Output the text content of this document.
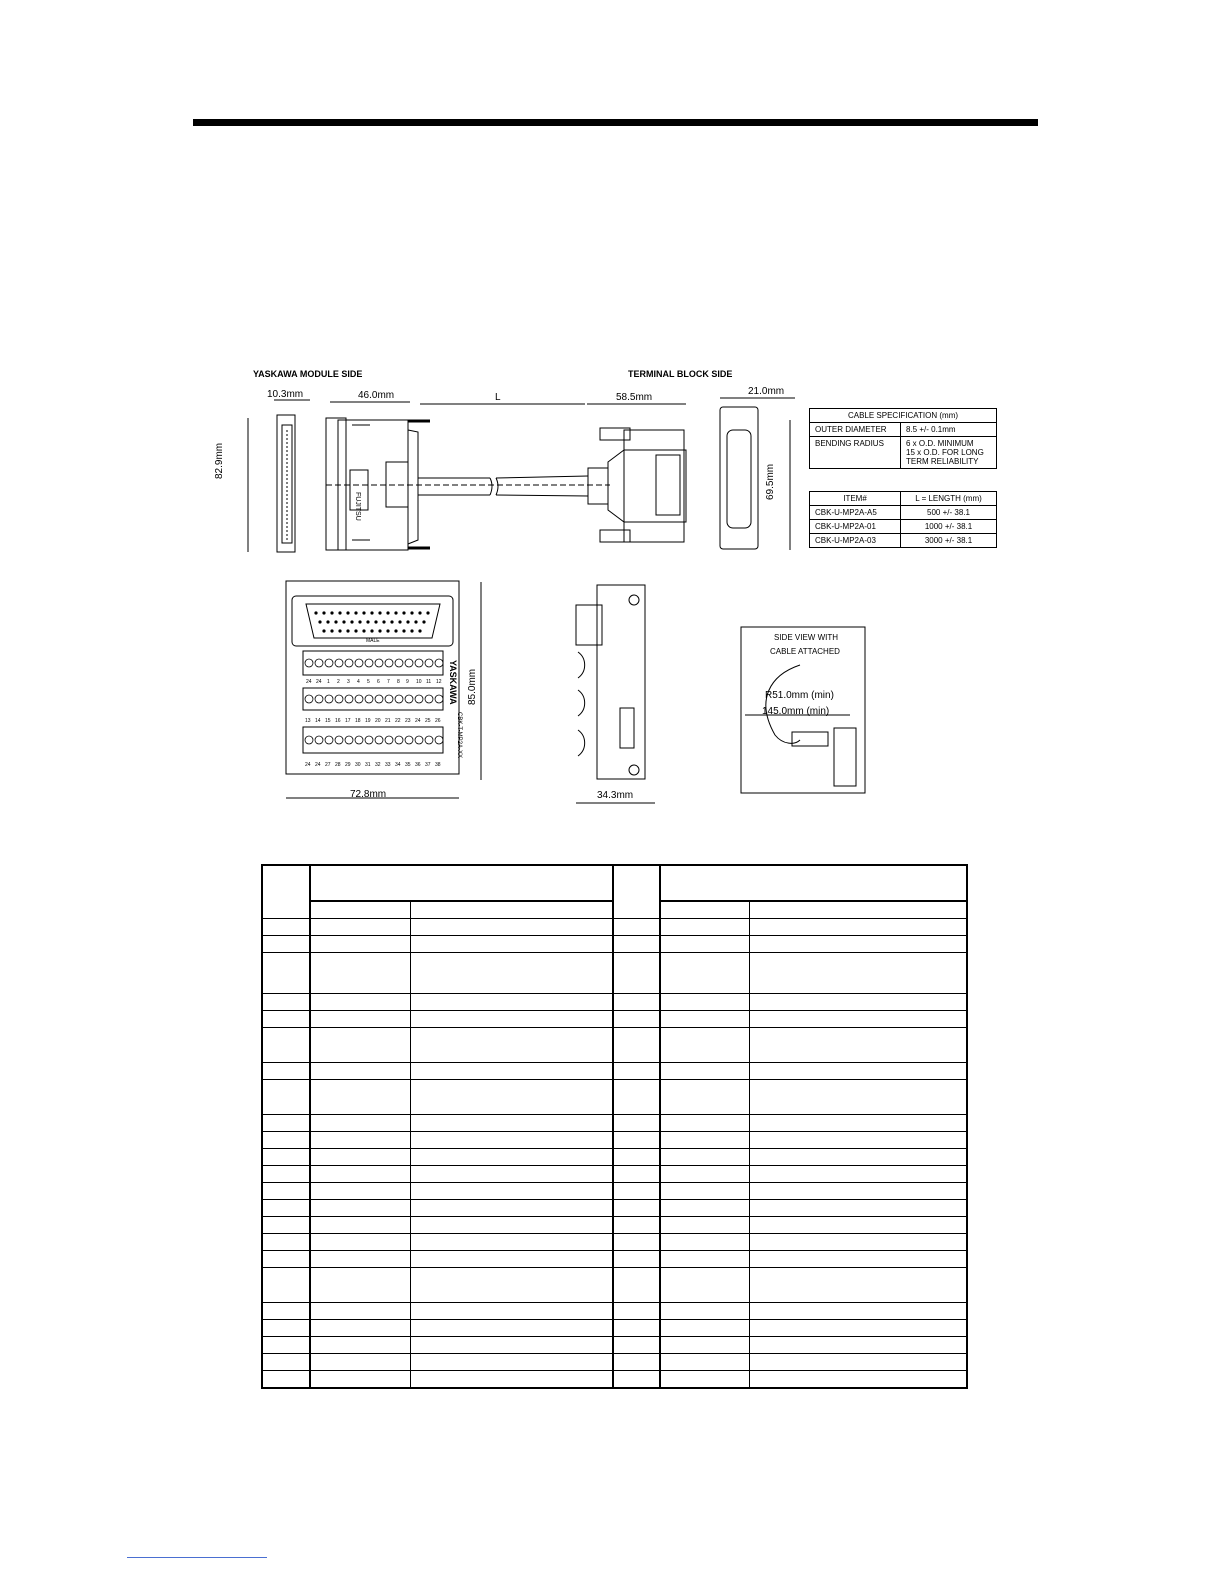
YASKAWA MODULE SIDE	TERMINAL BLOCK SIDE
10.3mm	46.0mm	L	58.5mm
21.0mm
82.9mm
69.5mm
85.0mm
72.8mm	34.3mm
FUJITSU
YASKAWA
MALE
CBK-T-MP2A-XX
SIDE VIEW WITH
CABLE ATTACHED
R51.0mm (min)
145.0mm (min)
24 24 1 2 3 4 5 6 7 8 9 10 11 12
13 14 15 16 17 18 19 20 21 22 23 24 25 26
24 24 27 28 29 30 31 32 33 34 35 36 37 38
CABLE SPECIFICATION (mm)	
OUTER DIAMETER	8.5 +/- 0.1mm
BENDING RADIUS	6 x O.D. MINIMUM
15 x O.D. FOR LONG
TERM RELIABILITY
ITEM#	L = LENGTH (mm)
CBK-U-MP2A-A5	500 +/- 38.1
CBK-U-MP2A-01	1000 +/- 38.1
CBK-U-MP2A-03	3000 +/- 38.1
